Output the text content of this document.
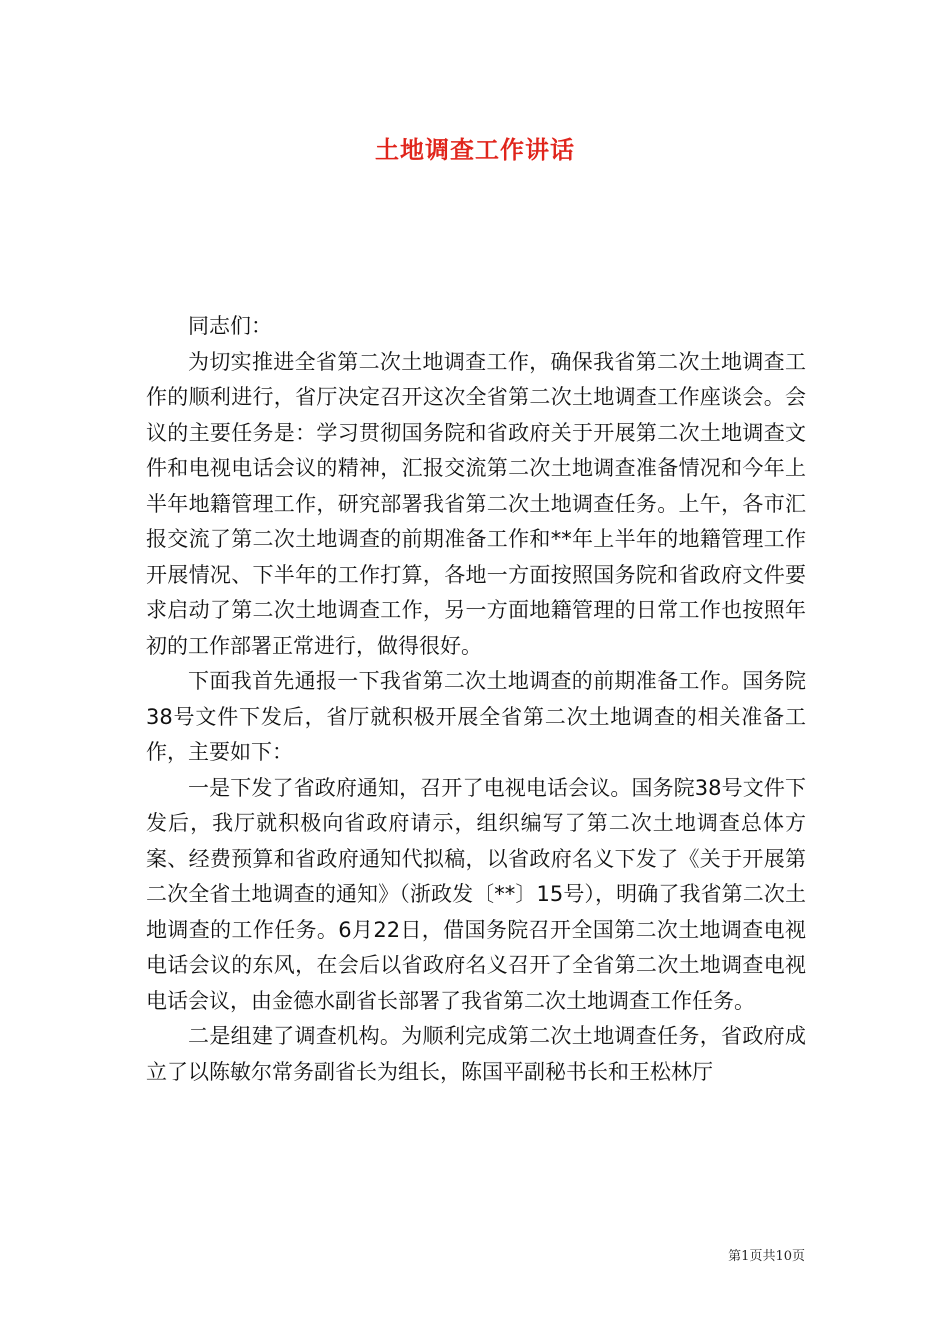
土地调查工作讲话

同志们：

为切实推进全省第二次土地调查工作，确保我省第二次土地调查工作的顺利进行，省厅决定召开这次全省第二次土地调查工作座谈会。会议的主要任务是：学习贯彻国务院和省政府关于开展第二次土地调查文件和电视电话会议的精神，汇报交流第二次土地调查准备情况和今年上半年地籍管理工作，研究部署我省第二次土地调查任务。上午，各市汇报交流了第二次土地调查的前期准备工作和**年上半年的地籍管理工作开展情况、下半年的工作打算，各地一方面按照国务院和省政府文件要求启动了第二次土地调查工作，另一方面地籍管理的日常工作也按照年初的工作部署正常进行，做得很好。

下面我首先通报一下我省第二次土地调查的前期准备工作。国务院38号文件下发后，省厅就积极开展全省第二次土地调查的相关准备工作，主要如下：

一是下发了省政府通知，召开了电视电话会议。国务院38号文件下发后，我厅就积极向省政府请示，组织编写了第二次土地调查总体方案、经费预算和省政府通知代拟稿，以省政府名义下发了《关于开展第二次全省土地调查的通知》（浙政发〔**〕15号），明确了我省第二次土地调查的工作任务。6月22日，借国务院召开全国第二次土地调查电视电话会议的东风，在会后以省政府名义召开了全省第二次土地调查电视电话会议，由金德水副省长部署了我省第二次土地调查工作任务。

二是组建了调查机构。为顺利完成第二次土地调查任务，省政府成立了以陈敏尔常务副省长为组长，陈国平副秘书长和王松林厅

第1页共10页
